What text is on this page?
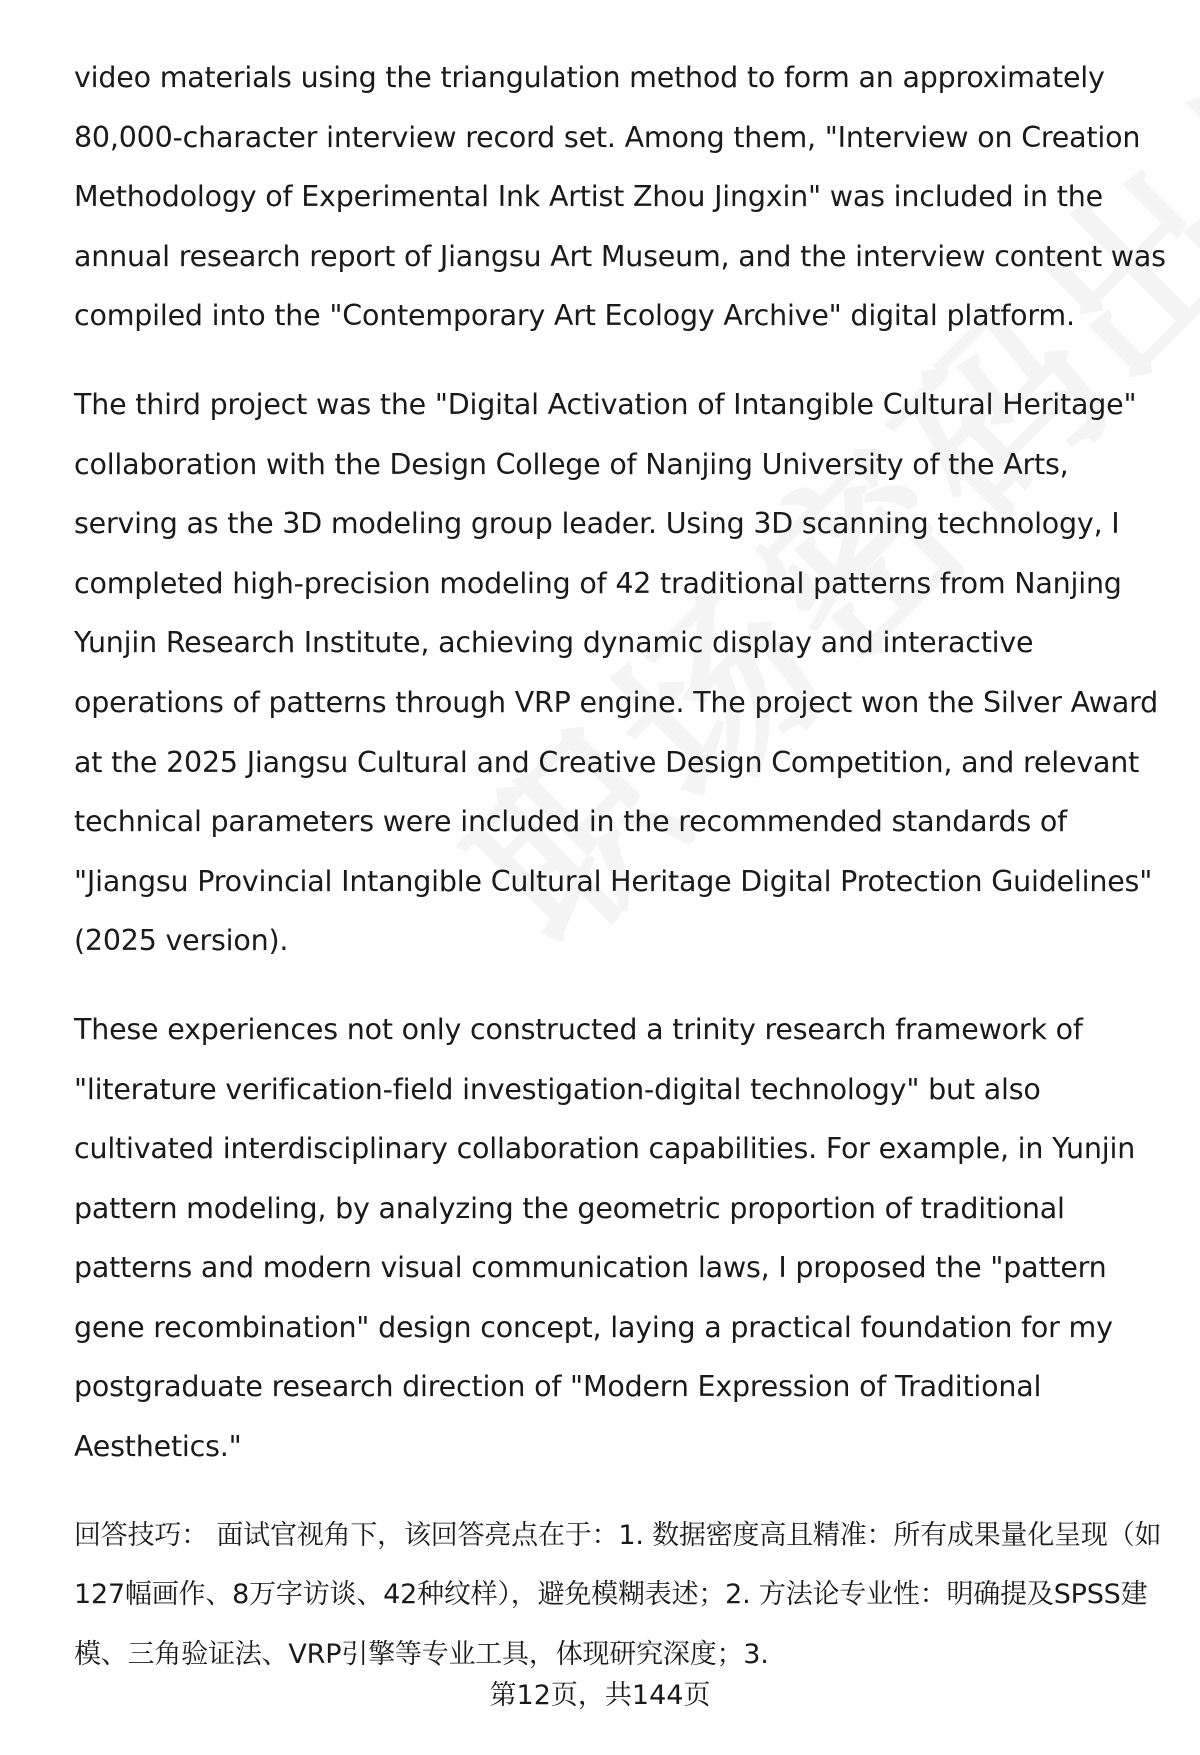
video materials using the triangulation method to form an approximately 80,000-character interview record set. Among them, "Interview on Creation Methodology of Experimental Ink Artist Zhou Jingxin" was included in the annual research report of Jiangsu Art Museum, and the interview content was compiled into the "Contemporary Art Ecology Archive" digital platform.

The third project was the "Digital Activation of Intangible Cultural Heritage" collaboration with the Design College of Nanjing University of the Arts, serving as the 3D modeling group leader. Using 3D scanning technology, I completed high-precision modeling of 42 traditional patterns from Nanjing Yunjin Research Institute, achieving dynamic display and interactive operations of patterns through VRP engine. The project won the Silver Award at the 2025 Jiangsu Cultural and Creative Design Competition, and relevant technical parameters were included in the recommended standards of "Jiangsu Provincial Intangible Cultural Heritage Digital Protection Guidelines" (2025 version).

These experiences not only constructed a trinity research framework of "literature verification-field investigation-digital technology" but also cultivated interdisciplinary collaboration capabilities. For example, in Yunjin pattern modeling, by analyzing the geometric proportion of traditional patterns and modern visual communication laws, I proposed the "pattern gene recombination" design concept, laying a practical foundation for my postgraduate research direction of "Modern Expression of Traditional Aesthetics."

回答技巧： 面试官视角下，该回答亮点在于：1. 数据密度高且精准：所有成果量化呈现（如127幅画作、8万字访谈、42种纹样），避免模糊表述；2. 方法论专业性：明确提及SPSS建模、三角验证法、VRP引擎等专业工具，体现研究深度；3.

第12页，共144页
